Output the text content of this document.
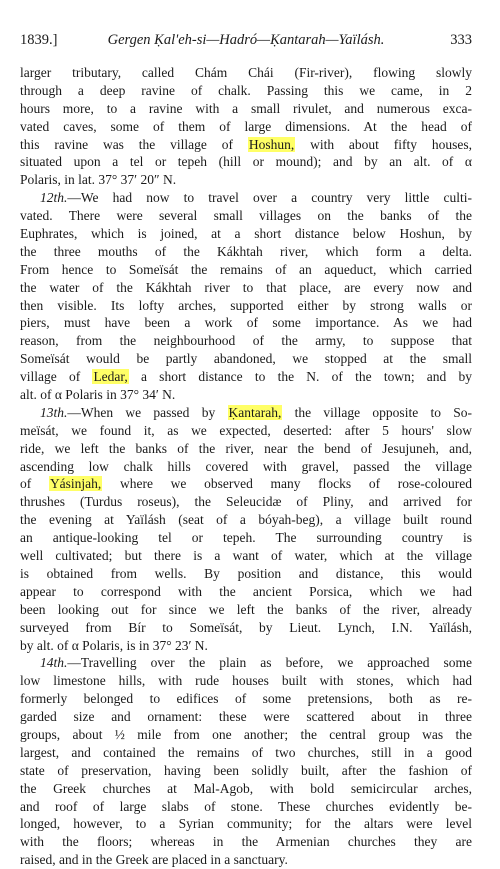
1839.]	Gergen Ḳal'eh-si—Hadró—Ḳantarah—Yaïlásh.	333
larger tributary, called Chám Chái (Fir-river), flowing slowly
through a deep ravine of chalk. Passing this we came, in 2
hours more, to a ravine with a small rivulet, and numerous exca-
vated caves, some of them of large dimensions. At the head of
this ravine was the village of Hoshun, with about fifty houses,
situated upon a tel or tepeh (hill or mound); and by an alt. of α
Polaris, in lat. 37° 37′ 20″ N.
12th.—We had now to travel over a country very little culti-
vated. There were several small villages on the banks of the
Euphrates, which is joined, at a short distance below Hoshun, by
the three mouths of the Kákhtah river, which form a delta.
From hence to Someïsát the remains of an aqueduct, which carried
the water of the Kákhtah river to that place, are every now and
then visible. Its lofty arches, supported either by strong walls or
piers, must have been a work of some importance. As we had
reason, from the neighbourhood of the army, to suppose that
Someïsát would be partly abandoned, we stopped at the small
village of Ledar, a short distance to the N. of the town; and by
alt. of α Polaris in 37° 34′ N.
13th.—When we passed by Ḳantarah, the village opposite to So-
meïsát, we found it, as we expected, deserted: after 5 hours' slow
ride, we left the banks of the river, near the bend of Jesujuneh, and,
ascending low chalk hills covered with gravel, passed the village
of Yásinjah, where we observed many flocks of rose-coloured
thrushes (Turdus roseus), the Seleucidæ of Pliny, and arrived for
the evening at Yaïlásh (seat of a bóyah-beg), a village built round
an antique-looking tel or tepeh. The surrounding country is
well cultivated; but there is a want of water, which at the village
is obtained from wells. By position and distance, this would
appear to correspond with the ancient Porsica, which we had
been looking out for since we left the banks of the river, already
surveyed from Bír to Someïsát, by Lieut. Lynch, I.N. Yaïlásh,
by alt. of α Polaris, is in 37° 23′ N.
14th.—Travelling over the plain as before, we approached some
low limestone hills, with rude houses built with stones, which had
formerly belonged to edifices of some pretensions, both as re-
garded size and ornament: these were scattered about in three
groups, about ½ mile from one another; the central group was the
largest, and contained the remains of two churches, still in a good
state of preservation, having been solidly built, after the fashion of
the Greek churches at Mal-Agob, with bold semicircular arches,
and roof of large slabs of stone. These churches evidently be-
longed, however, to a Syrian community; for the altars were level
with the floors; whereas in the Armenian churches they are
raised, and in the Greek are placed in a sanctuary.
